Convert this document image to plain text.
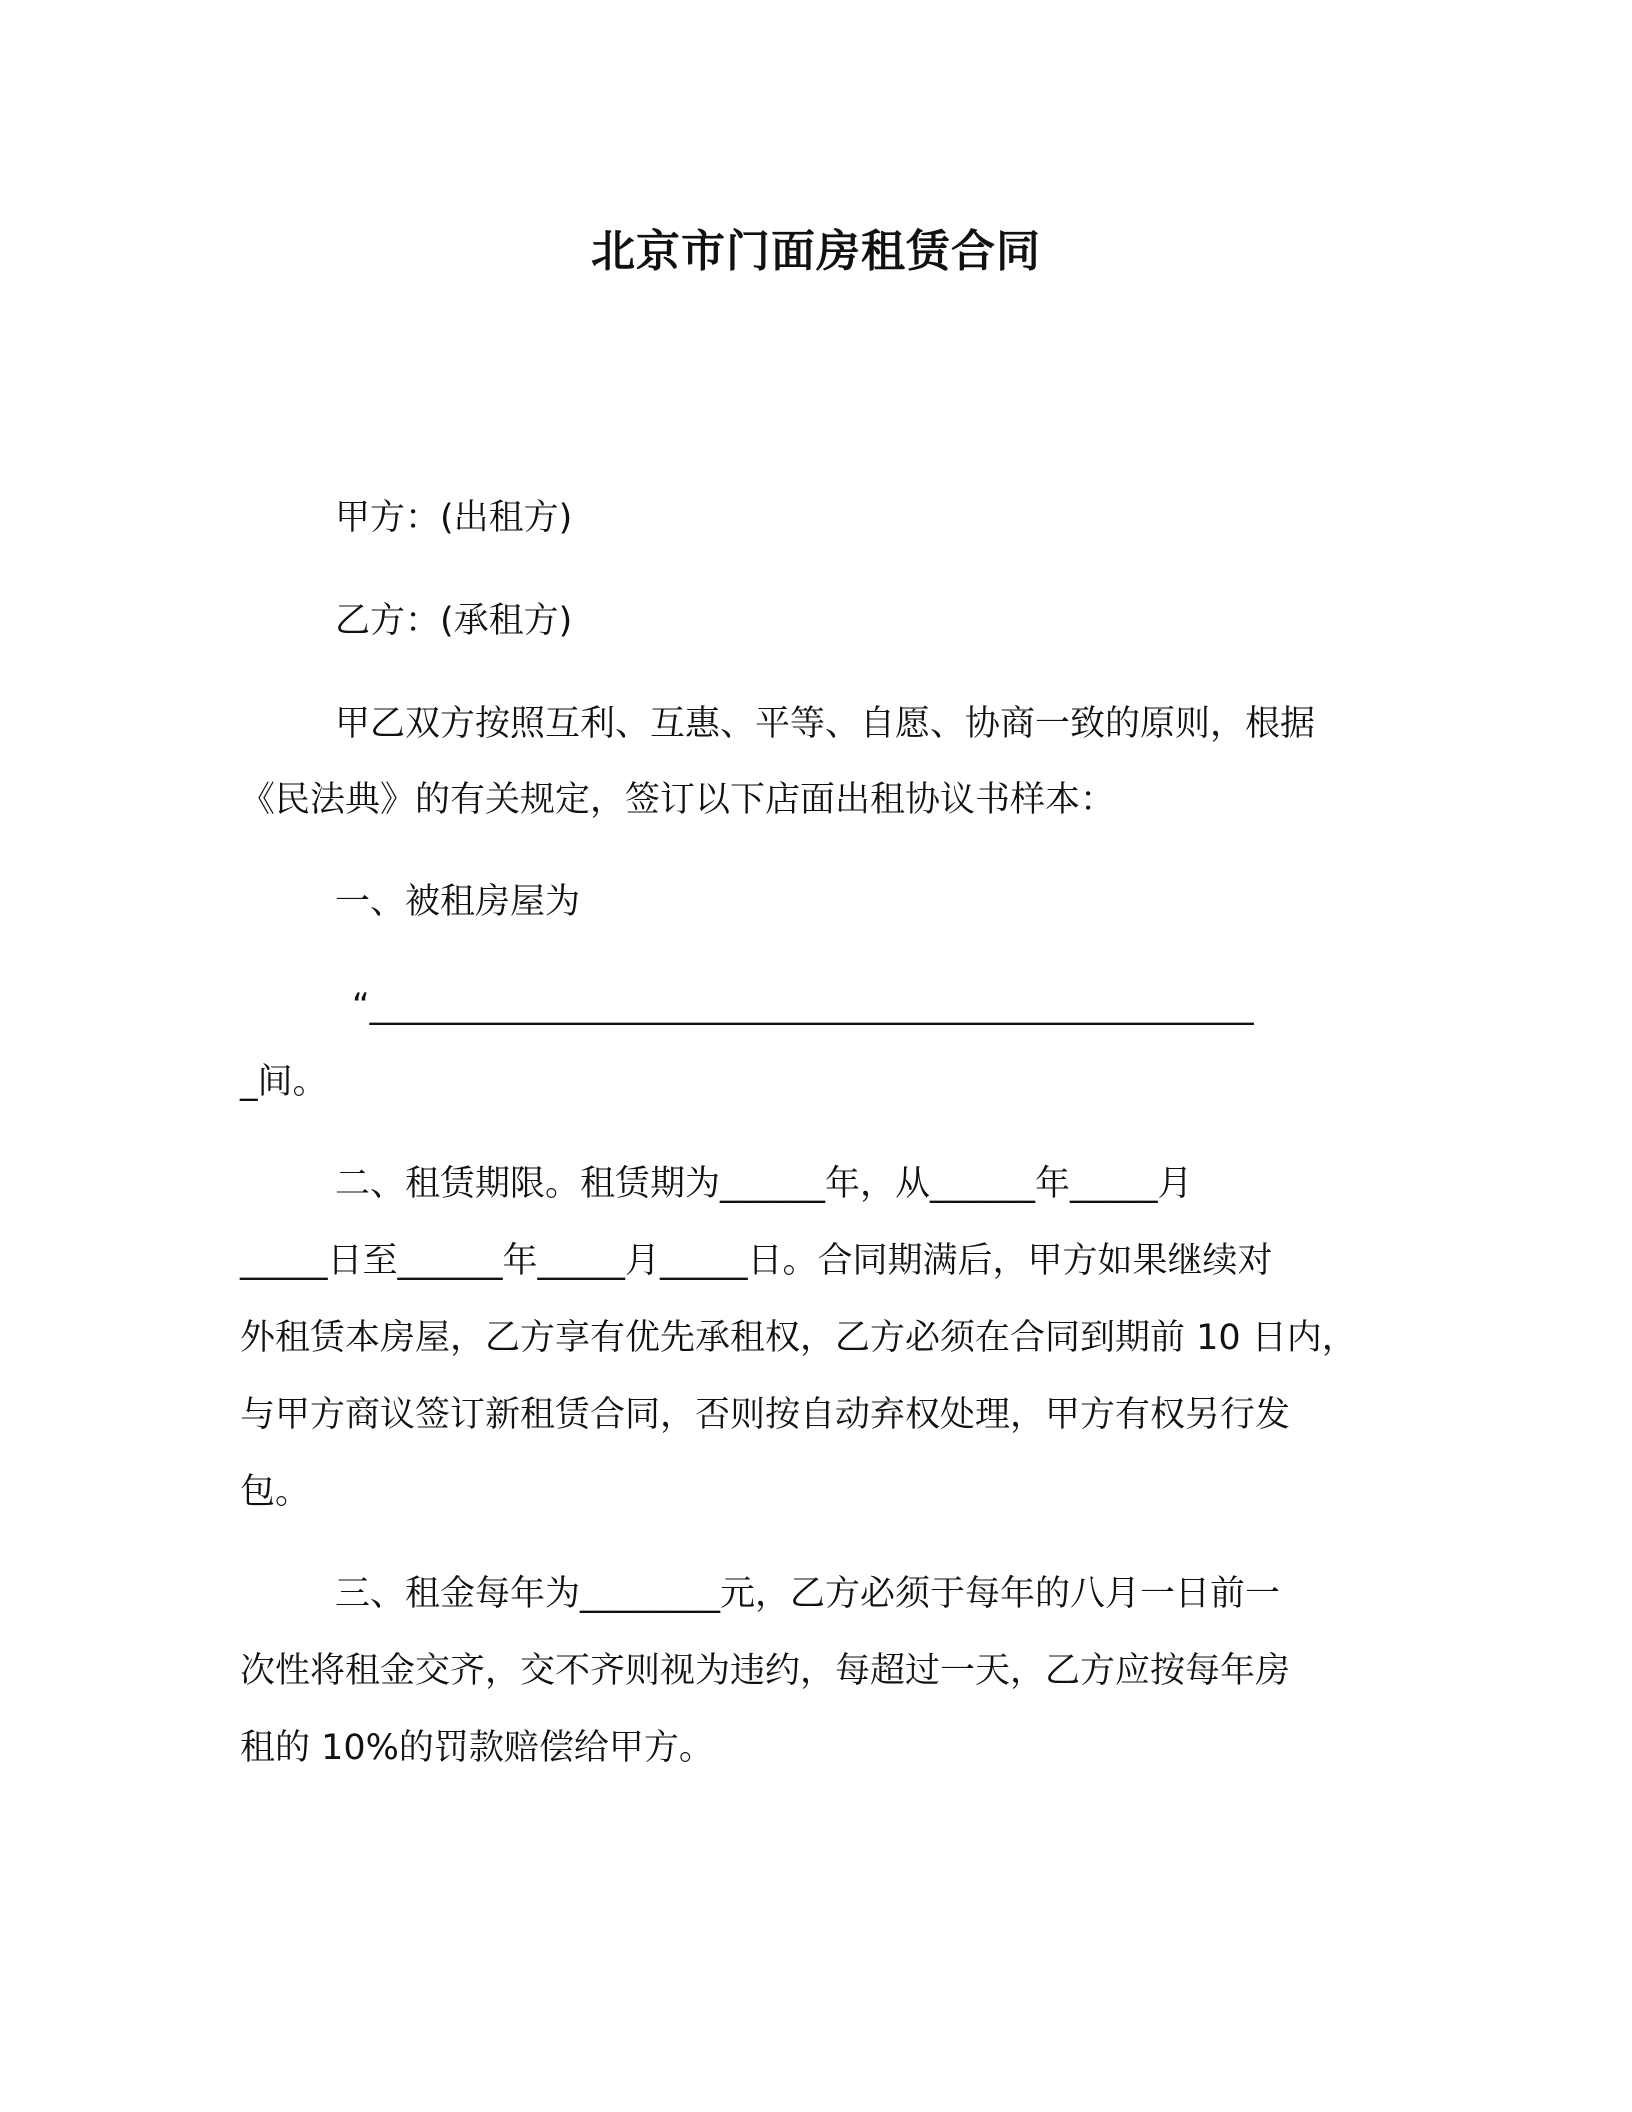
北京市门面房租赁合同
甲方：(出租方)
乙方：(承租方)
甲乙双方按照互利、互惠、平等、自愿、协商一致的原则，根据
《民法典》的有关规定，签订以下店面出租协议书样本：
一、被租房屋为
“____________________________________________________
_间。
二、租赁期限。租赁期为______年，从______年_____月
_____日至______年_____月_____日。合同期满后，甲方如果继续对
外租赁本房屋，乙方享有优先承租权，乙方必须在合同到期前 10 日内，
与甲方商议签订新租赁合同，否则按自动弃权处理，甲方有权另行发
包。
三、租金每年为________元，乙方必须于每年的八月一日前一
次性将租金交齐，交不齐则视为违约，每超过一天，乙方应按每年房
租的 10%的罚款赔偿给甲方。
